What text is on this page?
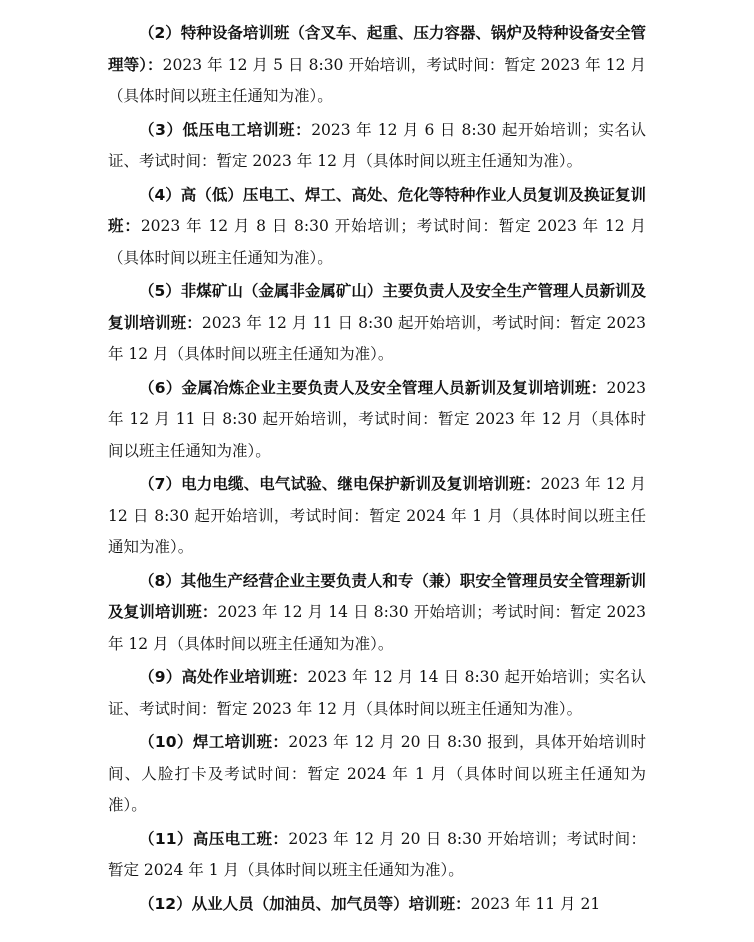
（2）特种设备培训班（含叉车、起重、压力容器、锅炉及特种设备安全管理等）：2023 年 12 月 5 日 8:30 开始培训，考试时间：暂定 2023 年 12 月（具体时间以班主任通知为准）。

（3）低压电工培训班：2023 年 12 月 6 日 8:30 起开始培训；实名认证、考试时间：暂定 2023 年 12 月（具体时间以班主任通知为准）。

（4）高（低）压电工、焊工、高处、危化等特种作业人员复训及换证复训班：2023 年 12 月 8 日 8:30 开始培训；考试时间：暂定 2023 年 12 月（具体时间以班主任通知为准）。

（5）非煤矿山（金属非金属矿山）主要负责人及安全生产管理人员新训及复训培训班：2023 年 12 月 11 日 8:30 起开始培训，考试时间：暂定 2023 年 12 月（具体时间以班主任通知为准）。

（6）金属冶炼企业主要负责人及安全管理人员新训及复训培训班：2023 年 12 月 11 日 8:30 起开始培训，考试时间：暂定 2023 年 12 月（具体时间以班主任通知为准）。

（7）电力电缆、电气试验、继电保护新训及复训培训班：2023 年 12 月 12 日 8:30 起开始培训，考试时间：暂定 2024 年 1 月（具体时间以班主任通知为准）。

（8）其他生产经营企业主要负责人和专（兼）职安全管理员安全管理新训及复训培训班：2023 年 12 月 14 日 8:30 开始培训；考试时间：暂定 2023 年 12 月（具体时间以班主任通知为准）。

（9）高处作业培训班：2023 年 12 月 14 日 8:30 起开始培训；实名认证、考试时间：暂定 2023 年 12 月（具体时间以班主任通知为准）。

（10）焊工培训班：2023 年 12 月 20 日 8:30 报到，具体开始培训时间、人脸打卡及考试时间：暂定 2024 年 1 月（具体时间以班主任通知为准）。

（11）高压电工班：2023 年 12 月 20 日 8:30 开始培训；考试时间：暂定 2024 年 1 月（具体时间以班主任通知为准）。

（12）从业人员（加油员、加气员等）培训班：2023 年 11 月 21
